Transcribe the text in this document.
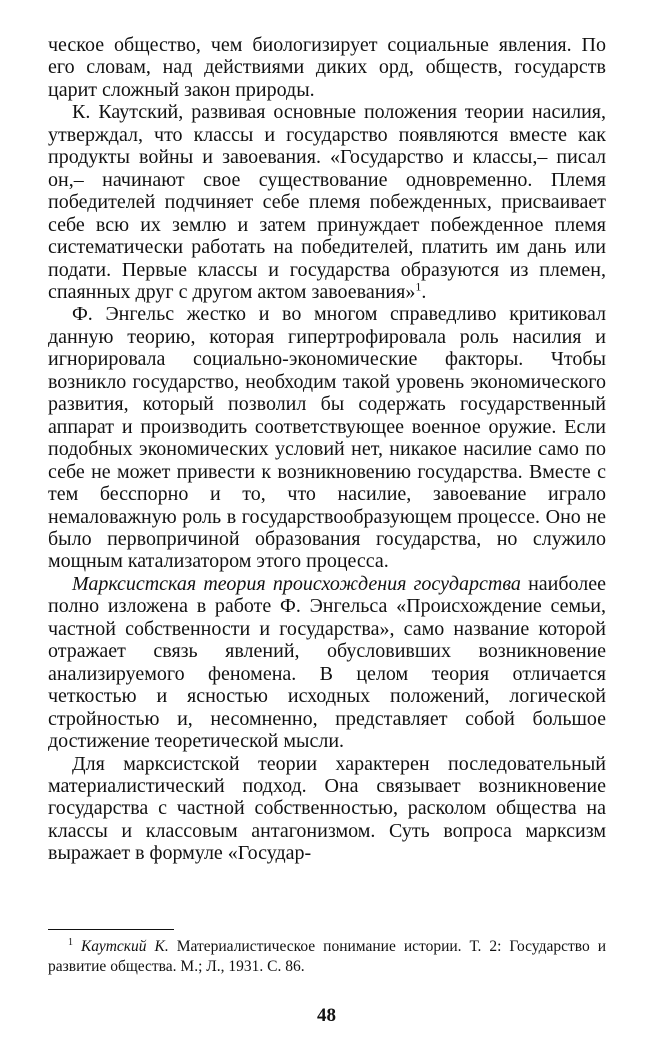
ческое общество, чем биологизирует социальные явления. По его словам, над действиями диких орд, обществ, государств царит сложный закон природы.

К. Каутский, развивая основные положения теории насилия, утверждал, что классы и государство появляются вместе как продукты войны и завоевания. «Государство и классы,– писал он,– начинают свое существование одновременно. Племя победителей подчиняет себе племя побежденных, присваивает себе всю их землю и затем принуждает побежденное племя систематически работать на победителей, платить им дань или подати. Первые классы и государства образуются из племен, спаянных друг с другом актом завоевания»$^1$.

Ф. Энгельс жестко и во многом справедливо критиковал данную теорию, которая гипертрофировала роль насилия и игнорировала социально-экономические факторы. Чтобы возникло государство, необходим такой уровень экономического развития, который позволил бы содержать государственный аппарат и производить соответствующее военное оружие. Если подобных экономических условий нет, никакое насилие само по себе не может привести к возникновению государства. Вместе с тем бесспорно и то, что насилие, завоевание играло немаловажную роль в государствообразующем процессе. Оно не было первопричиной образования государства, но служило мощным катализатором этого процесса.

Марксистская теория происхождения государства наиболее полно изложена в работе Ф. Энгельса «Происхождение семьи, частной собственности и государства», само название которой отражает связь явлений, обусловивших возникновение анализируемого феномена. В целом теория отличается четкостью и ясностью исходных положений, логической стройностью и, несомненно, представляет собой большое достижение теоретической мысли.

Для марксистской теории характерен последовательный материалистический подход. Она связывает возникновение государства с частной собственностью, расколом общества на классы и классовым антагонизмом. Суть вопроса марксизм выражает в формуле «Государ-

$^1$ Каутский К. Материалистическое понимание истории. Т. 2: Государство и развитие общества. М.; Л., 1931. С. 86.
48
